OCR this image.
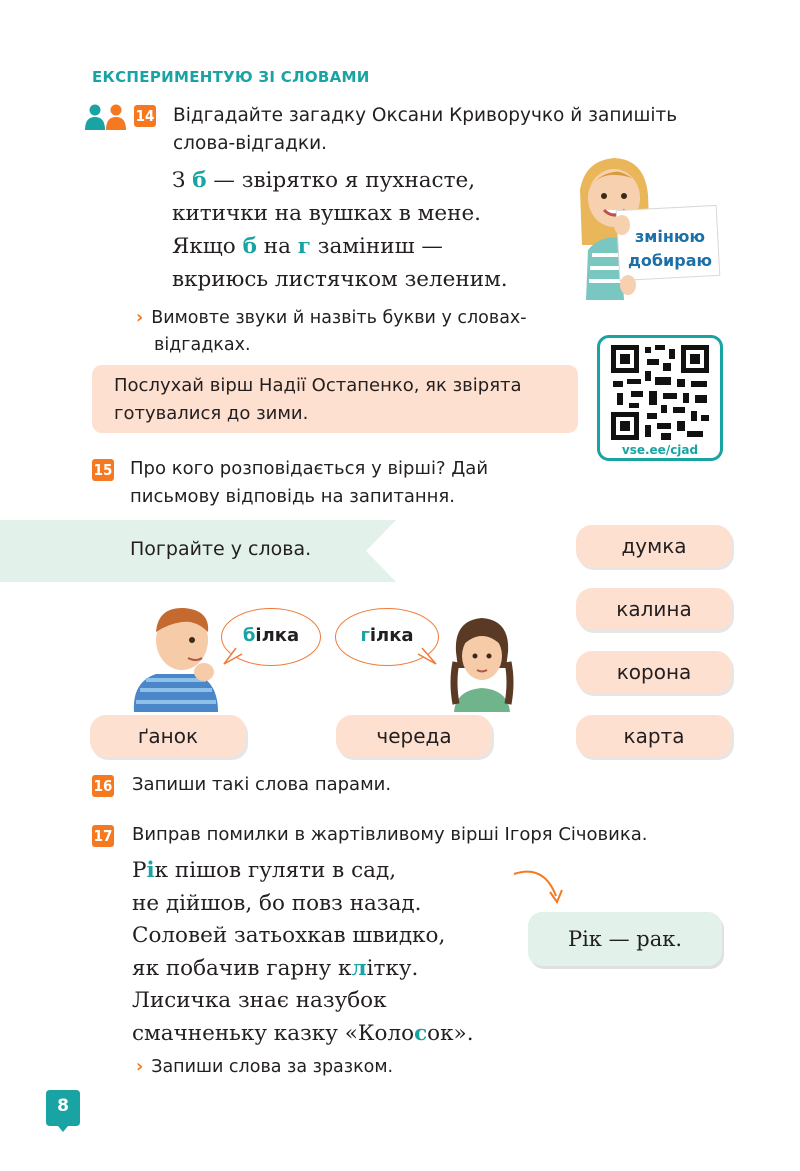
ЕКСПЕРИМЕНТУЮ ЗІ СЛОВАМИ
14 Відгадайте загадку Оксани Криворучко й запишіть
слова-відгадки.
З б — звірятко я пухнасте,
китички на вушках в мене.
Якщо б на г заміниш —
вкриюсь листячком зеленим.
змінюю
добираю
› Вимовте звуки й назвіть букви у словах-
відгадках.
Послухай вірш Надії Остапенко, як звірята
готувалися до зими.
vse.ee/cjad
15 Про кого розповідається у вірші? Дай
письмову відповідь на запитання.
Пограйте у слова.	думка
калина
корона
карта
білка	гілка
ґанок	череда
16 Запиши такі слова парами.
17 Виправ помилки в жартівливому вірші Ігоря Січовика.
Рік пішов гуляти в сад,
не дійшов, бо повз назад.
Соловей затьохкав швидко,
як побачив гарну клітку.
Лисичка знає назубок
смачненьку казку «Колосок».
Рік — рак.
› Запиши слова за зразком.
8
